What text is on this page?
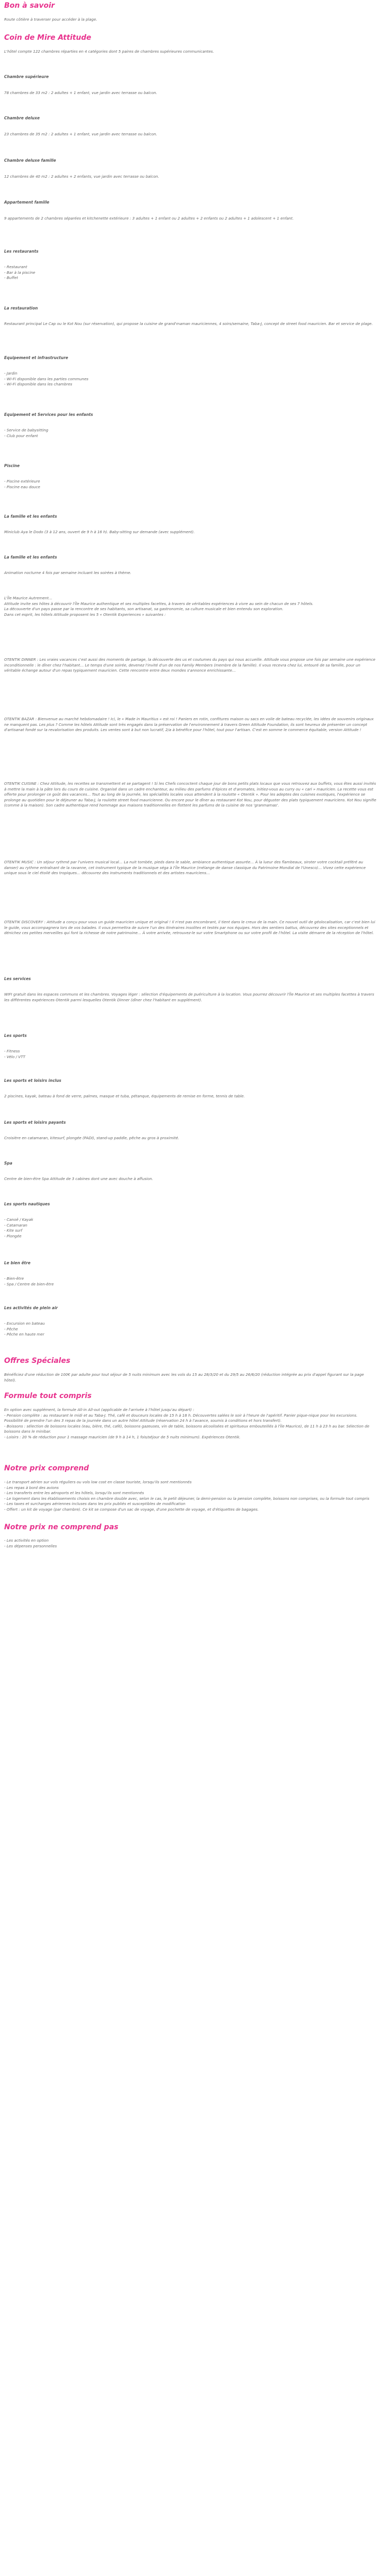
Bon à savoir
Route côtière à traverser pour accéder à la plage.
Coin de Mire Attitude
L'hôtel compte 122 chambres réparties en 4 catégories dont 5 paires de chambres supérieures communicantes.
Chambre supérieure
78 chambres de 33 m2 : 2 adultes + 1 enfant, vue jardin avec terrasse ou balcon.
Chambre deluxe
23 chambres de 35 m2 : 2 adultes + 1 enfant, vue jardin avec terrasse ou balcon.
Chambre deluxe famille
12 chambres de 40 m2 : 2 adultes + 2 enfants, vue jardin avec terrasse ou balcon.
Appartement famille
9 appartements de 2 chambres séparées et kitchenette extérieure : 3 adultes + 1 enfant ou 2 adultes + 2 enfants ou 2 adultes + 1 adolescent + 1 enfant.
Les restaurants
- Restaurant
- Bar à la piscine
- Buffet
La restauration
Restaurant principal Le Cap ou le Kot Nou (sur réservation), qui propose la cuisine de grand'maman mauriciennes, 4 soirs/semaine, Taba-J, concept de street food mauricien. Bar et service de plage.
Equipement et infrastructure
- Jardin
- Wi-Fi disponible dans les parties communes
- Wi-Fi disponible dans les chambres
Equipement et Services pour les enfants
- Service de babysitting
- Club pour enfant
Piscine
- Piscine extérieure
- Piscine eau douce
La famille et les enfants
Miniclub Aya le Dodo (3 à 12 ans, ouvert de 9 h à 16 h). Baby-sitting sur demande (avec supplément).
La famille et les enfants
Animation nocturne 4 fois par semaine incluant les soirées à thème.
L'Île Maurice Autrement…
Attitude invite ses hôtes à découvrir l'Île Maurice authentique et ses multiples facettes, à travers de véritables expériences à vivre au sein de chacun de ses 7 hôtels.
La découverte d'un pays passe par la rencontre de ses habitants, son artisanat, sa gastronomie, sa culture musicale et bien entendu son exploration.
Dans cet esprit, les hôtels Attitude proposent les 5 « Otentik Experiences » suivantes :
OTENTIK DINNER : Les vraies vacances c'est aussi des moments de partage, la découverte des us et coutumes du pays qui nous accueille. Attitude vous propose une fois par semaine une expérience inconditionnelle : le dîner chez l'habitant… Le temps d'une soirée, devenez l'invité d'un de nos Family Members (membre de la famille). Il vous recevra chez lui, entouré de sa famille, pour un véritable échange autour d'un repas typiquement mauricien. Cette rencontre entre deux mondes s'annonce enrichissante…
OTENTIK BAZAR : Bienvenue au marché hebdomadaire ! Ici, le « Made in Mauritius » est roi ! Paniers en rotin, confitures maison ou sacs en voile de bateau recyclée, les idées de souvenirs originaux ne manquent pas. Les plus ? Comme les hôtels Attitude sont très engagés dans la préservation de l'environnement à travers Green Attitude Foundation, ils sont heureux de présenter un concept d'artisanat fondé sur la revalorisation des produits. Les ventes sont à but non lucratif, 2/a à bénéfice pour l'hôtel, tout pour l'artisan. C'est en somme le commerce équitable, version Attitude !
OTENTIK CUISINE : Chez Attitude, les recettes se transmettent et se partagent ! Si les Chefs concoctent chaque jour de bons petits plats locaux que vous retrouvez aux buffets, vous êtes aussi invités à mettre la main à la pâte lors du cours de cuisine. Organisé dans un cadre enchanteur, au milieu des parfums d'épices et d'aromates, initiez-vous au curry ou « cari » mauricien. La recette vous est offerte pour prolonger ce goût des vacances… Tout au long de la journée, les spécialités locales vous attendent à la roulotte « Otentik ». Pour les adeptes des cuisines exotiques, l'expérience se prolonge au quotidien pour le déjeuner au Taba-J, la roulotte street food mauricienne. Ou encore pour le dîner au restaurant Kot Nou, pour déguster des plats typiquement mauriciens. Kot Nou signifie (comme à la maison). Son cadre authentique rend hommage aux maisons traditionnelles en flottent les parfums de la cuisine de nos 'granmamas'.
OTENTIK MUSIC : Un séjour rythmé par l'univers musical local… La nuit tombée, pieds dans le sable, ambiance authentique assurée… À la lueur des flambeaux, siroter votre cocktail préféré au danser) au rythme entraînant de la ravanne, cet instrument typique de la musique séga à l'Île Maurice (mélange de danse classique du Patrimoine Mondial de l'Unesco)… Vivez cette expérience unique sous le ciel étoilé des tropiques… découvrez des instruments traditionnels et des artistes mauriciens…
OTENTIK DISCOVERY : Attitude a conçu pour vous un guide mauricien unique et original ! Il n'est pas encombrant, il tient dans le creux de la main. Ce nouvel outil de géolocalisation, car c'est bien lui le guide, vous accompagnera lors de vos balades. Il vous permettra de suivre l'un des itinéraires insolites et testés par nos équipes. Hors des sentiers battus, découvrez des sites exceptionnels et dénichez ces petites merveilles qui font la richesse de notre patrimoine… À votre arrivée, retrouvez-le sur votre Smartphone ou sur votre profil de l'hôtel. La visite démarre de la réception de l'hôtel.
Les services
WIFI gratuit dans les espaces communs et les chambres. Voyages léger : sélection d'équipements de puériculture à la location. Vous pourrez découvrir l'Île Maurice et ses multiples facettes à travers les différentes expériences Otentik parmi lesquelles Otentik Dinner (dîner chez l'habitant en supplément).
Les sports
- Fitness
- Vélo / VTT
Les sports et loisirs inclus
2 piscines, kayak, bateau à fond de verre, palmes, masque et tuba, pétanque, équipements de remise en forme, tennis de table.
Les sports et loisirs payants
Croisière en catamaran, kitesurf, plongée (PADI), stand-up paddle, pêche au gros à proximité.
Spa
Centre de bien-être Spa Attitude de 3 cabines dont une avec douche à affusion.
Les sports nautiques
- Canoë / Kayak
- Catamaran
- Kite surf
- Plongée
Le bien être
- Bien-être
- Spa / Centre de bien-être
Les activités de plein air
- Excursion en bateau
- Pêche
- Pêche en haute mer
Offres Spéciales
Bénéficiez d'une réduction de 100€ par adulte pour tout séjour de 5 nuits minimum avec les vols du 15 au 28/3/20 et du 29/5 au 26/6/20 (réduction intégrée au prix d'appel figurant sur la page hôtel).
Formule tout compris
En option avec supplément, la formule All-in All-out (applicable de l'arrivée à l'hôtel jusqu'au départ) :
- Pension complète : au restaurant le midi et au Taba-J. Thé, café et douceurs locales de 15 h à 18 h. Découvertes salées le soir à l'heure de l'apéritif. Panier pique-nique pour les excursions. Possibilité de prendre l'un des 3 repas de la journée dans un autre hôtel Attitude (réservation 24 h à l'avance, soumis à conditions et hors transfert).
- Boissons : sélection de boissons locales (eau, bière, thé, café), boissons gazeuses, vin de table, boissons alcoolisées et spiritueux embouteillés à l'Île Maurice), de 11 h à 23 h au bar. Sélection de boissons dans le minibar.
- Loisirs : 20 % de réduction pour 1 massage mauricien (de 9 h à 14 h, 1 fois/séjour de 5 nuits minimum). Expériences Otentik.
Notre prix comprend
- Le transport aérien sur vols réguliers ou vols low cost en classe touriste, lorsqu'ils sont mentionnés
- Les repas à bord des avions
- Les transferts entre les aéroports et les hôtels, lorsqu'ils sont mentionnés
- Le logement dans les établissements choisis en chambre double avec, selon le cas, le petit déjeuner, la demi-pension ou la pension complète, boissons non comprises, ou la formule tout compris
- Les taxes et surcharges aériennes incluses dans les prix publiés et susceptibles de modification
- Offert : un kit de voyage (par chambre). Ce kit se compose d'un sac de voyage, d'une pochette de voyage, et d'étiquettes de bagages.
Notre prix ne comprend pas
- Les activités en option
- Les dépenses personnelles
